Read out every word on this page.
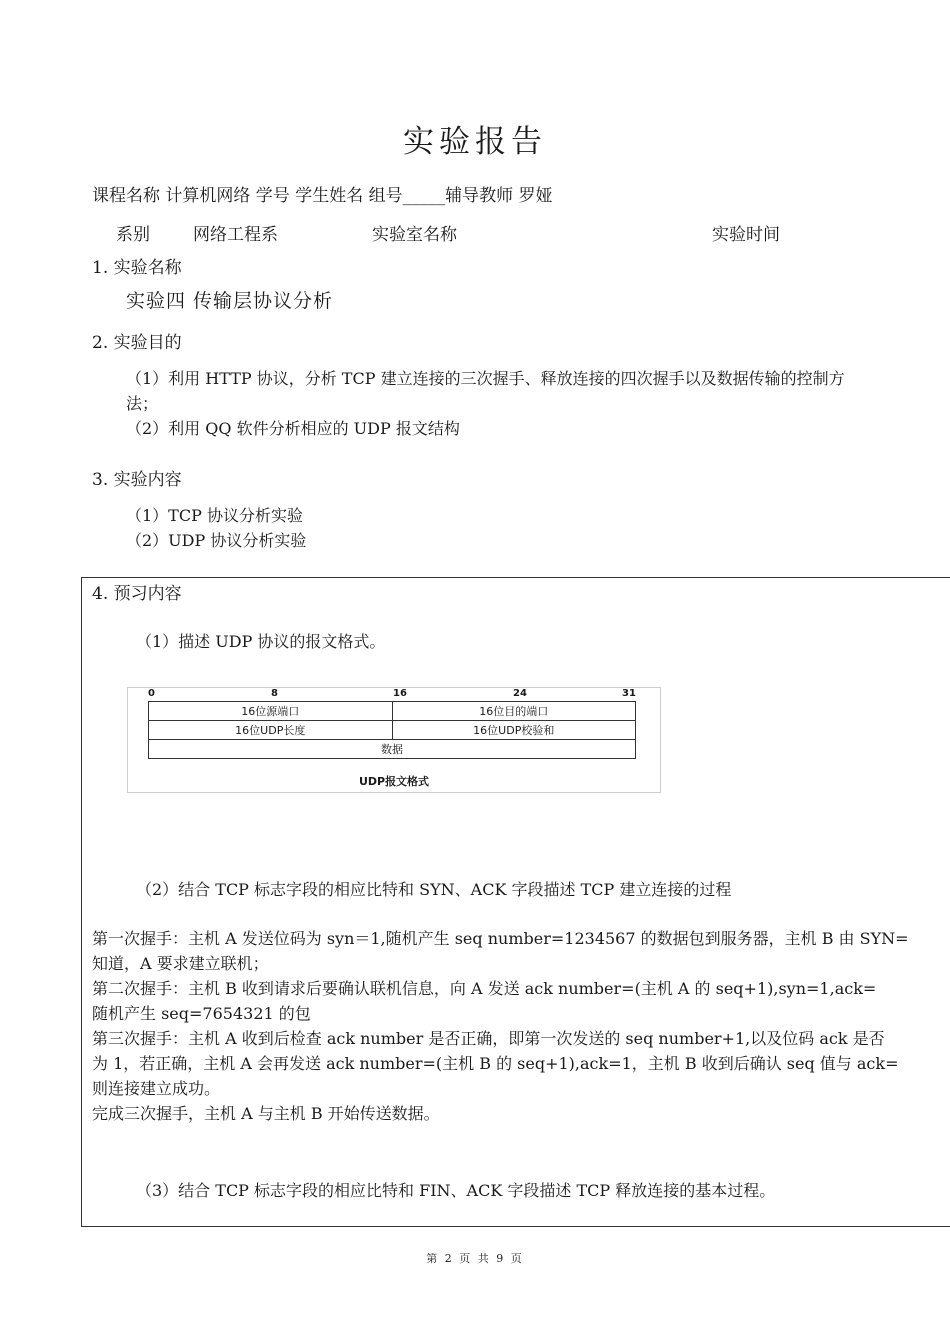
实验报告
课程名称 计算机网络 学号 学生姓名 组号_____辅导教师 罗娅
系别	网络工程系	实验室名称	实验时间
1. 实验名称
实验四 传输层协议分析
2. 实验目的
（1）利用 HTTP 协议，分析 TCP 建立连接的三次握手、释放连接的四次握手以及数据传输的控制方
法；
（2）利用 QQ 软件分析相应的 UDP 报文结构
3. 实验内容
（1）TCP 协议分析实验
（2）UDP 协议分析实验
4. 预习内容
（1）描述 UDP 协议的报文格式。
0	8	16	24	31
16位源端口	16位目的端口
16位UDP长度	16位UDP校验和
数据	
UDP报文格式
（2）结合 TCP 标志字段的相应比特和 SYN、ACK 字段描述 TCP 建立连接的过程
第一次握手：主机 A 发送位码为 syn＝1,随机产生 seq number=1234567 的数据包到服务器，主机 B 由 SYN=
知道，A 要求建立联机；
第二次握手：主机 B 收到请求后要确认联机信息，向 A 发送 ack number=(主机 A 的 seq+1),syn=1,ack=
随机产生 seq=7654321 的包
第三次握手：主机 A 收到后检查 ack number 是否正确，即第一次发送的 seq number+1,以及位码 ack 是否
为 1，若正确，主机 A 会再发送 ack number=(主机 B 的 seq+1),ack=1，主机 B 收到后确认 seq 值与 ack=
则连接建立成功。
完成三次握手，主机 A 与主机 B 开始传送数据。
（3）结合 TCP 标志字段的相应比特和 FIN、ACK 字段描述 TCP 释放连接的基本过程。
第 2 页 共 9 页
